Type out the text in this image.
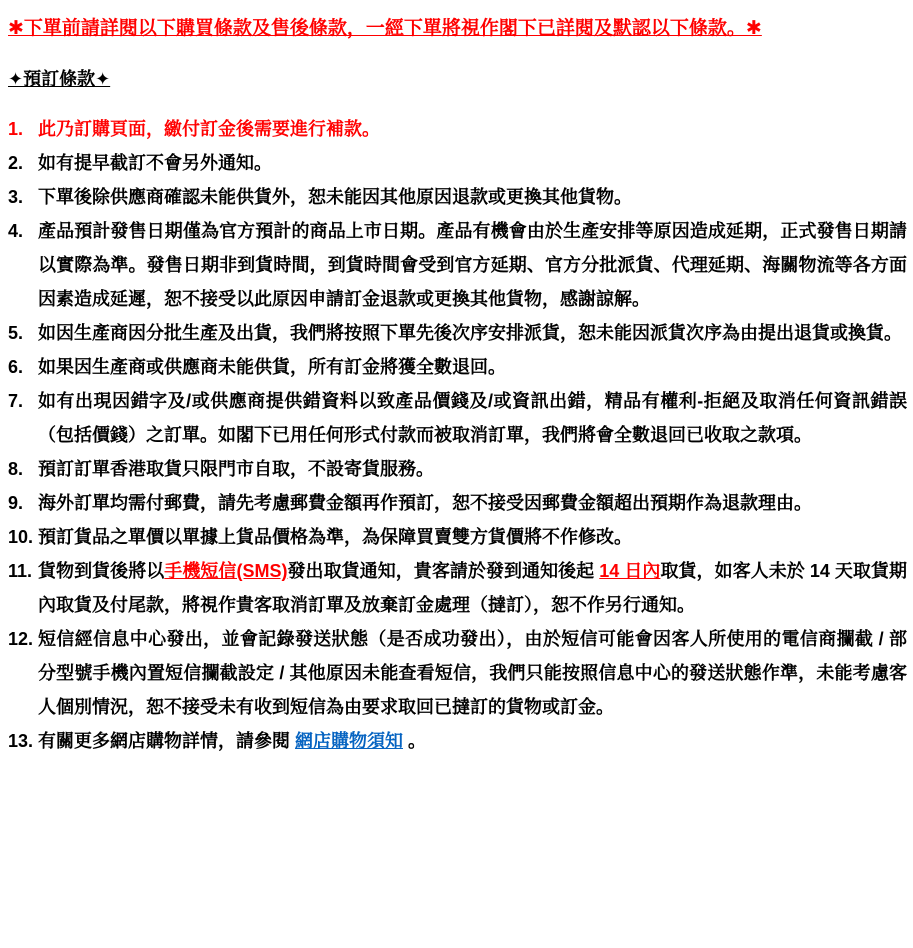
✱下單前請詳閱以下購買條款及售後條款，一經下單將視作閣下已詳閱及默認以下條款。✱
✦預訂條款✦
1. 此乃訂購頁面，繳付訂金後需要進行補款。
2. 如有提早截訂不會另外通知。
3. 下單後除供應商確認未能供貨外，恕未能因其他原因退款或更換其他貨物。
4. 產品預計發售日期僅為官方預計的商品上市日期。產品有機會由於生產安排等原因造成延期，正式發售日期請以實際為準。發售日期非到貨時間，到貨時間會受到官方延期、官方分批派貨、代理延期、海關物流等各方面因素造成延遲，恕不接受以此原因申請訂金退款或更換其他貨物，感謝諒解。
5. 如因生產商因分批生產及出貨，我們將按照下單先後次序安排派貨，恕未能因派貨次序為由提出退貨或換貨。
6. 如果因生產商或供應商未能供貨，所有訂金將獲全數退回。
7. 如有出現因錯字及/或供應商提供錯資料以致產品價錢及/或資訊出錯，精品有權利-拒絕及取消任何資訊錯誤（包括價錢）之訂單。如閣下已用任何形式付款而被取消訂單，我們將會全數退回已收取之款項。
8. 預訂訂單香港取貨只限門市自取，不設寄貨服務。
9. 海外訂單均需付郵費，請先考慮郵費金額再作預訂，恕不接受因郵費金額超出預期作為退款理由。
10. 預訂貨品之單價以單據上貨品價格為準，為保障買賣雙方貨價將不作修改。
11. 貨物到貨後將以手機短信(SMS)發出取貨通知，貴客請於發到通知後起 14 日內取貨，如客人未於 14 天取貨期內取貨及付尾款，將視作貴客取消訂單及放棄訂金處理（撻訂），恕不作另行通知。
12. 短信經信息中心發出，並會記錄發送狀態（是否成功發出），由於短信可能會因客人所使用的電信商攔截 / 部分型號手機內置短信攔截設定 / 其他原因未能查看短信，我們只能按照信息中心的發送狀態作準，未能考慮客人個別情況，恕不接受未有收到短信為由要求取回已撻訂的貨物或訂金。
13. 有關更多網店購物詳情，請參閱 網店購物須知 。
